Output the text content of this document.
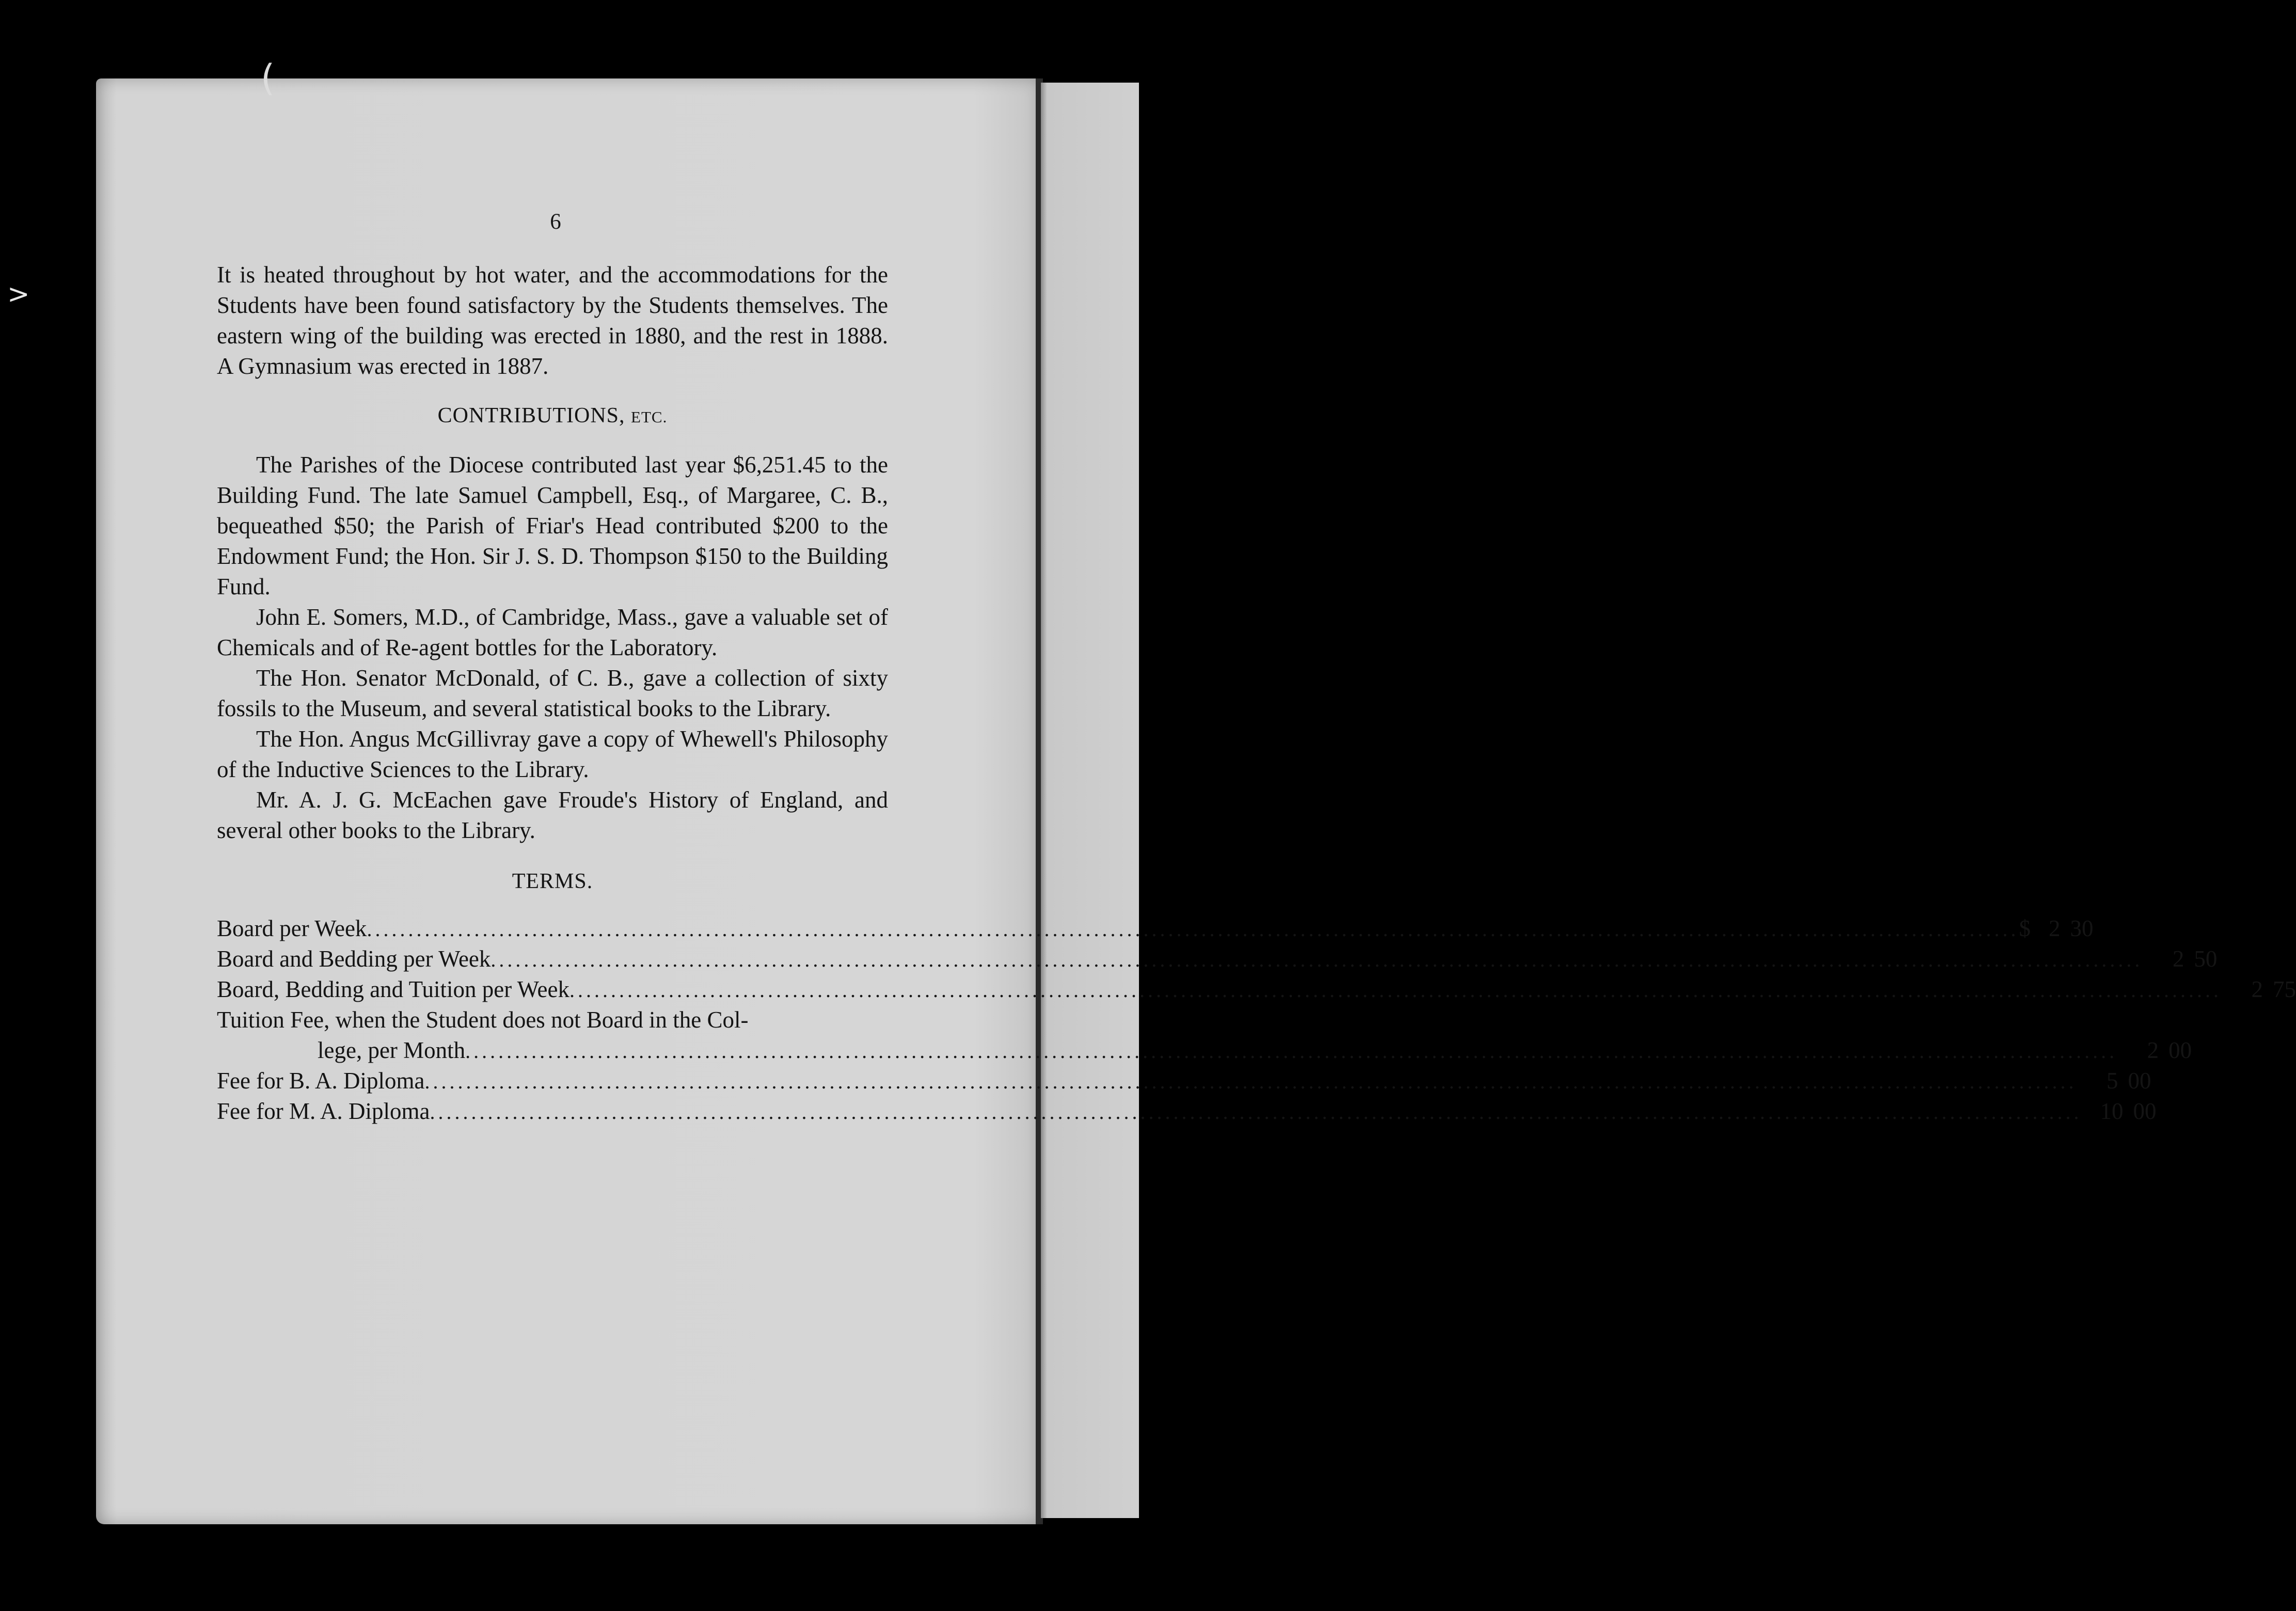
>
(
6

It is heated throughout by hot water, and the accommodations for the Students have been found satisfactory by the Students themselves. The eastern wing of the building was erected in 1880, and the rest in 1888. A Gymnasium was erected in 1887.

CONTRIBUTIONS, ETC.

The Parishes of the Diocese contributed last year $6,251.45 to the Building Fund. The late Samuel Campbell, Esq., of Margaree, C. B., bequeathed $50; the Parish of Friar's Head contributed $200 to the Endowment Fund; the Hon. Sir J. S. D. Thompson $150 to the Building Fund.

John E. Somers, M.D., of Cambridge, Mass., gave a valuable set of Chemicals and of Re-agent bottles for the Laboratory.

The Hon. Senator McDonald, of C. B., gave a collection of sixty fossils to the Museum, and several statistical books to the Library.

The Hon. Angus McGillivray gave a copy of Whewell's Philosophy of the Inductive Sciences to the Library.

Mr. A. J. G. McEachen gave Froude's History of England, and several other books to the Library.

TERMS.
Board per Week ........................................................................................................................................................................................................ $ 2 30
Board and Bedding per Week ........................................................................................................................................................................................................	2 50
Board, Bedding and Tuition per Week ........................................................................................................................................................................................................	2 75
Tuition Fee, when the Student does not Board in the Col-
lege, per Month ........................................................................................................................................................................................................	2 00
Fee for B. A. Diploma ........................................................................................................................................................................................................	5 00
Fee for M. A. Diploma ........................................................................................................................................................................................................ 10 00
